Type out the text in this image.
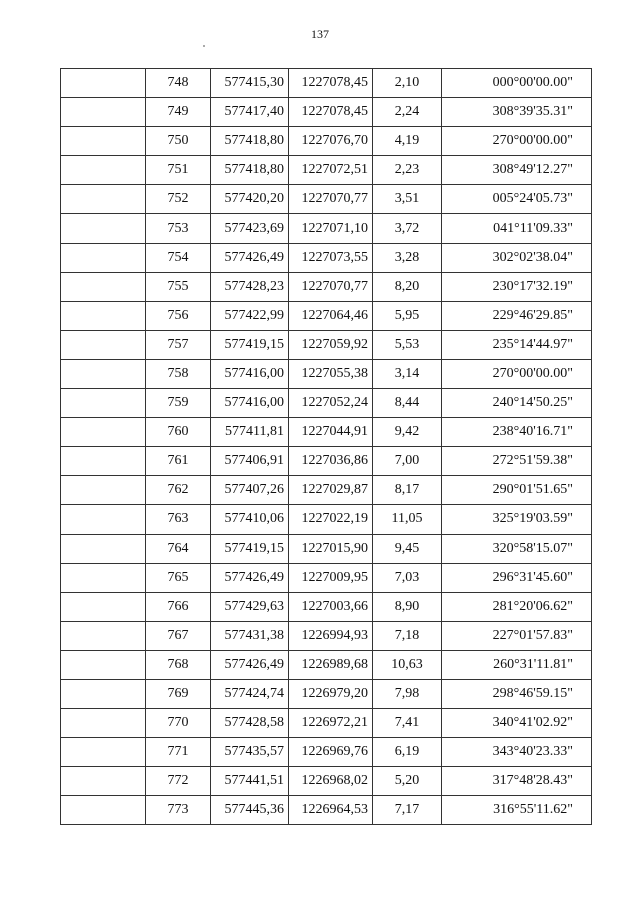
137
	748	577415,30	1227078,45	2,10	000°00'00.00"
	749	577417,40	1227078,45	2,24	308°39'35.31"
	750	577418,80	1227076,70	4,19	270°00'00.00"
	751	577418,80	1227072,51	2,23	308°49'12.27"
	752	577420,20	1227070,77	3,51	005°24'05.73"
	753	577423,69	1227071,10	3,72	041°11'09.33"
	754	577426,49	1227073,55	3,28	302°02'38.04"
	755	577428,23	1227070,77	8,20	230°17'32.19"
	756	577422,99	1227064,46	5,95	229°46'29.85"
	757	577419,15	1227059,92	5,53	235°14'44.97"
	758	577416,00	1227055,38	3,14	270°00'00.00"
	759	577416,00	1227052,24	8,44	240°14'50.25"
	760	577411,81	1227044,91	9,42	238°40'16.71"
	761	577406,91	1227036,86	7,00	272°51'59.38"
	762	577407,26	1227029,87	8,17	290°01'51.65"
	763	577410,06	1227022,19	11,05	325°19'03.59"
	764	577419,15	1227015,90	9,45	320°58'15.07"
	765	577426,49	1227009,95	7,03	296°31'45.60"
	766	577429,63	1227003,66	8,90	281°20'06.62"
	767	577431,38	1226994,93	7,18	227°01'57.83"
	768	577426,49	1226989,68	10,63	260°31'11.81"
	769	577424,74	1226979,20	7,98	298°46'59.15"
	770	577428,58	1226972,21	7,41	340°41'02.92"
	771	577435,57	1226969,76	6,19	343°40'23.33"
	772	577441,51	1226968,02	5,20	317°48'28.43"
	773	577445,36	1226964,53	7,17	316°55'11.62"
